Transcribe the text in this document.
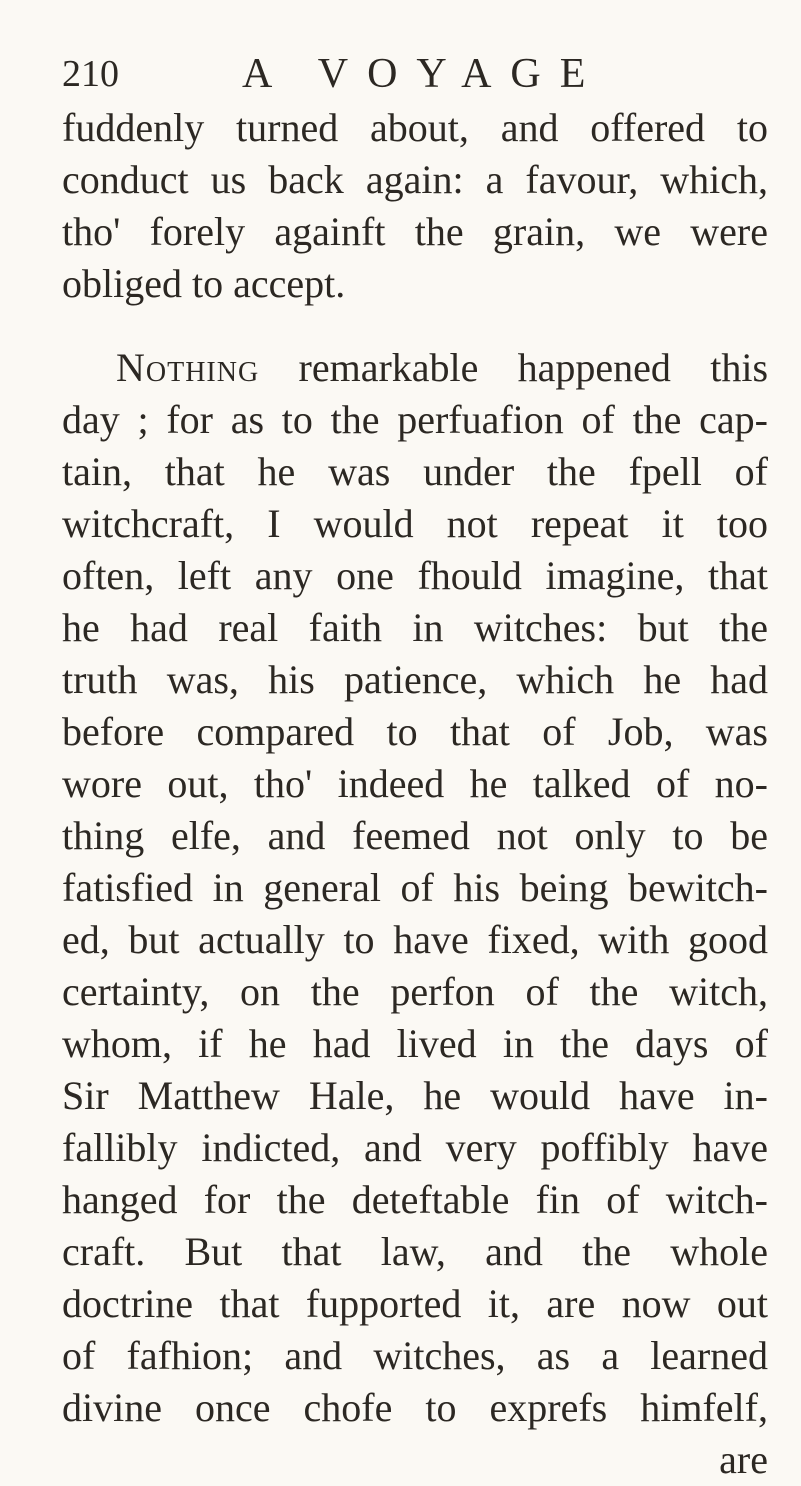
210	A VOYAGE
fuddenly turned about, and offered to
conduct us back again: a favour, which,
tho' forely againft the grain, we were
obliged to accept.
Nothing remarkable happened this
day ; for as to the perfuafion of the cap-
tain, that he was under the fpell of
witchcraft, I would not repeat it too
often, left any one fhould imagine, that
he had real faith in witches: but the
truth was, his patience, which he had
before compared to that of Job, was
wore out, tho' indeed he talked of no-
thing elfe, and feemed not only to be
fatisfied in general of his being bewitch-
ed, but actually to have fixed, with good
certainty, on the perfon of the witch,
whom, if he had lived in the days of
Sir Matthew Hale, he would have in-
fallibly indicted, and very poffibly have
hanged for the deteftable fin of witch-
craft. But that law, and the whole
doctrine that fupported it, are now out
of fafhion; and witches, as a learned
divine once chofe to exprefs himfelf,
are
